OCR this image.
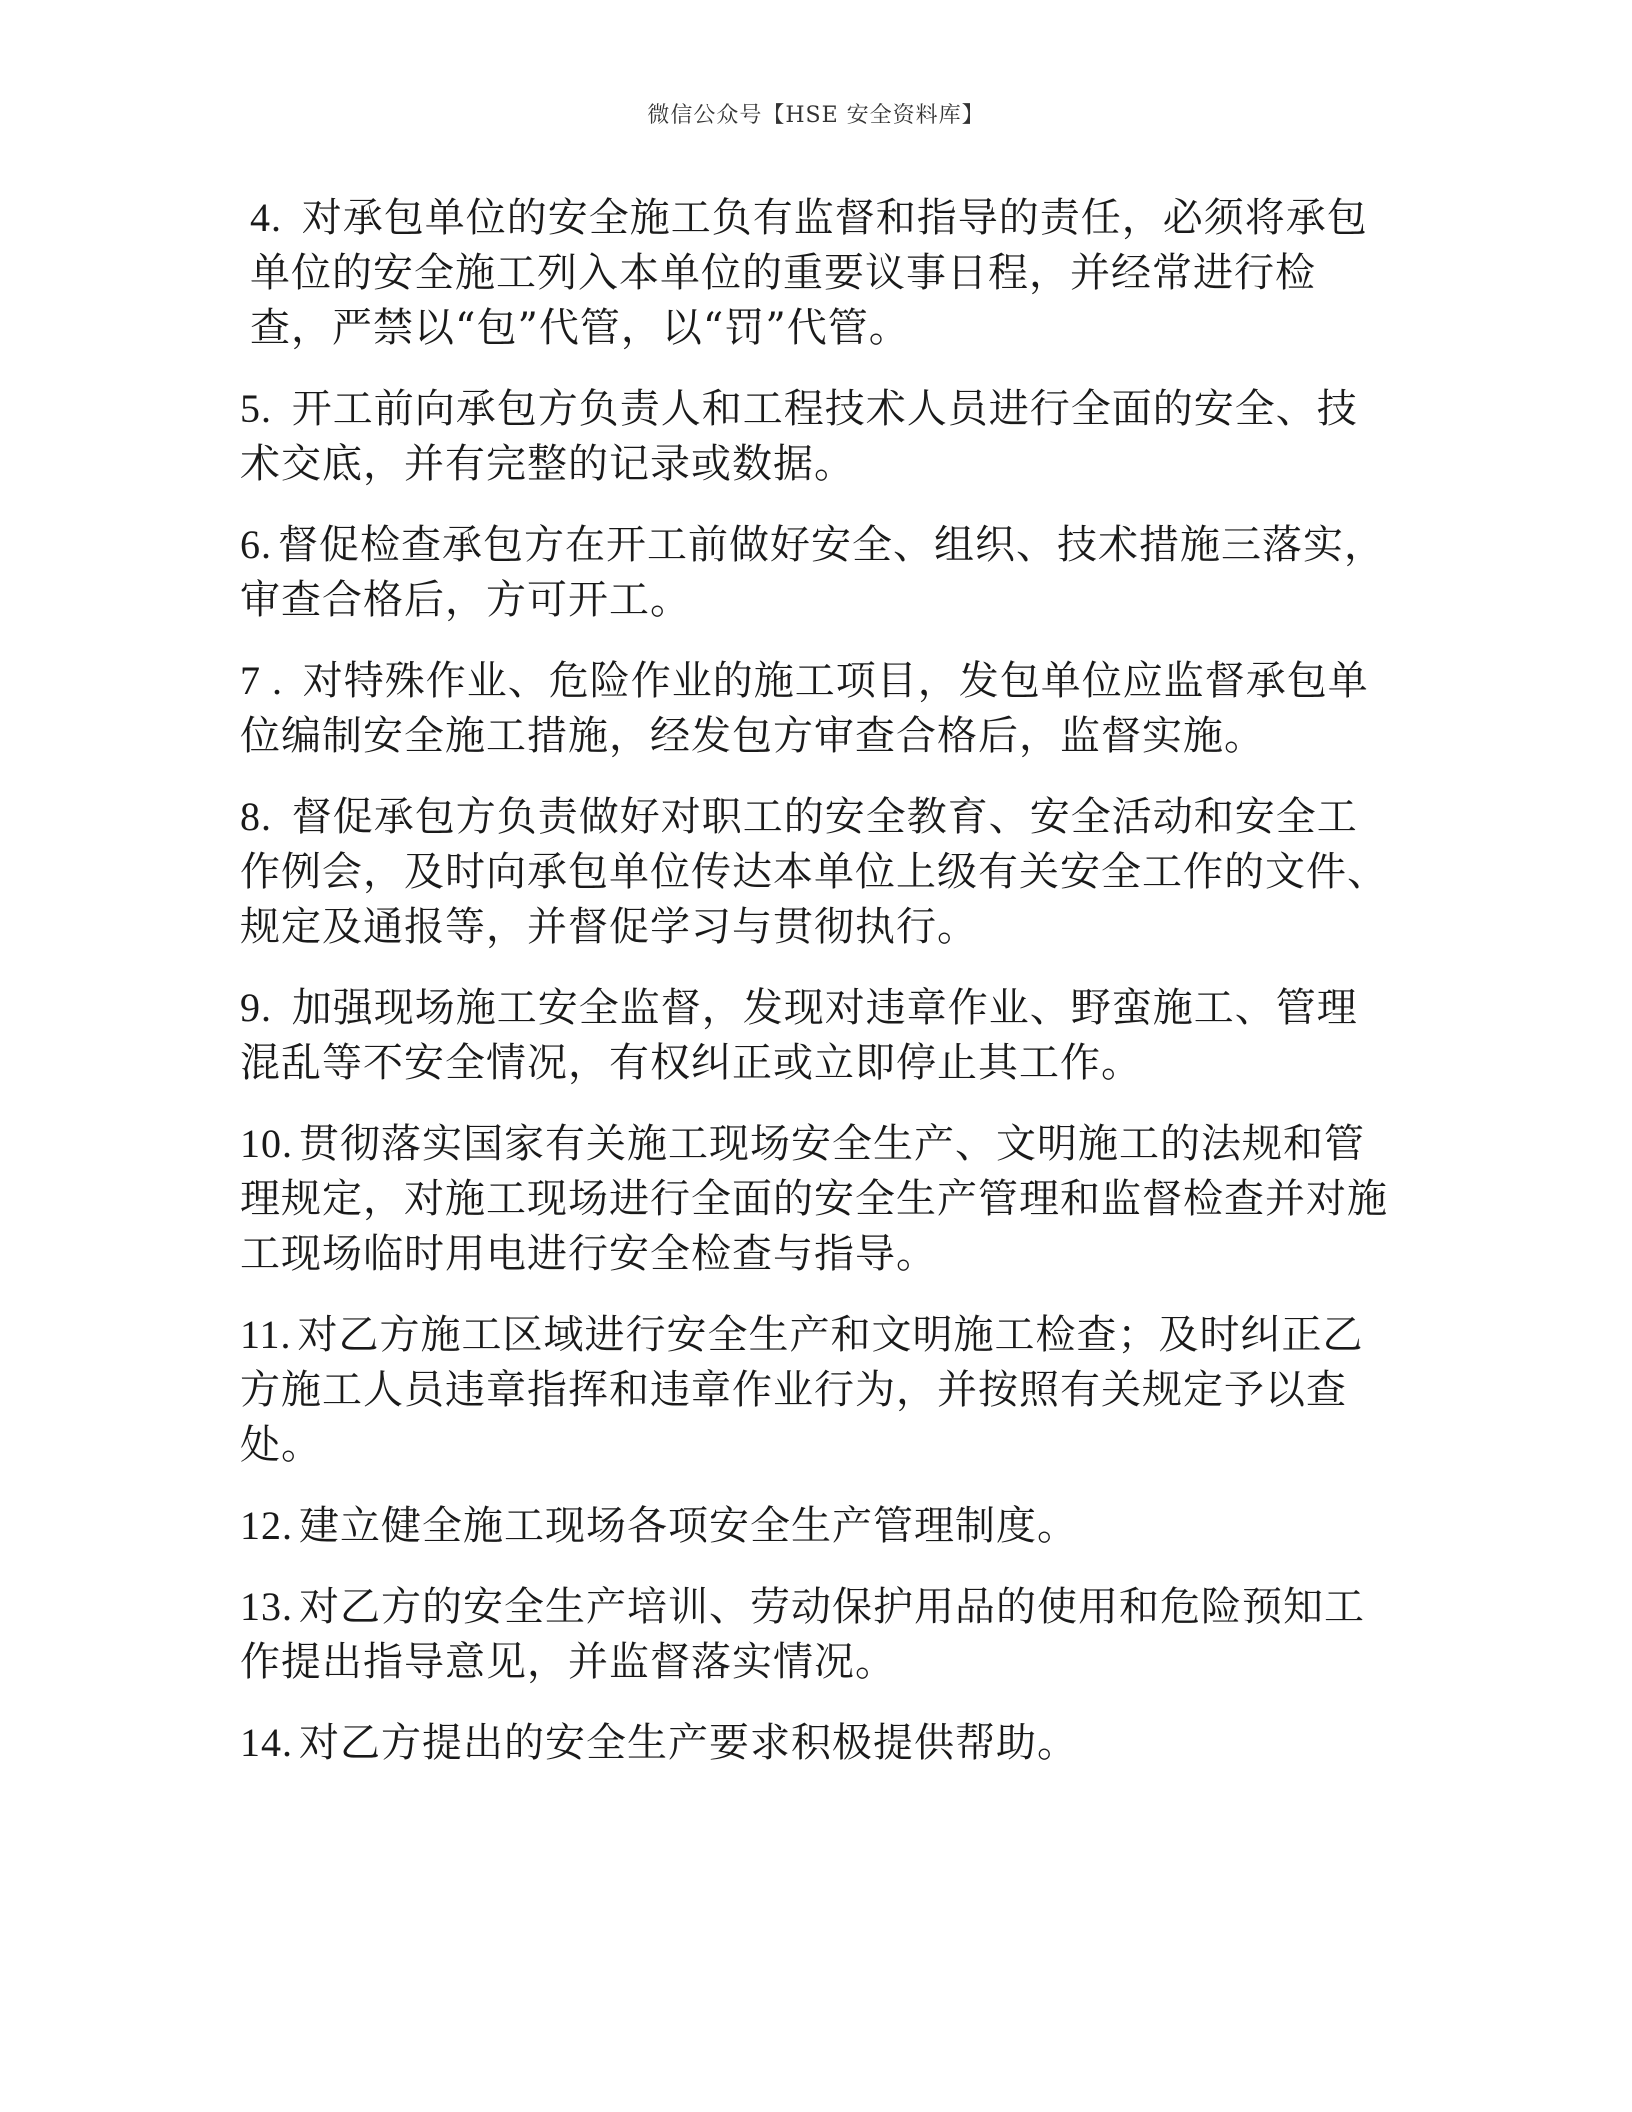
微信公众号【HSE 安全资料库】

4. 对承包单位的安全施工负有监督和指导的责任，必须将承包单位的安全施工列入本单位的重要议事日程，并经常进行检查，严禁以“包”代管，以“罚”代管。

5. 开工前向承包方负责人和工程技术人员进行全面的安全、技术交底，并有完整的记录或数据。

6. 督促检查承包方在开工前做好安全、组织、技术措施三落实，审查合格后，方可开工。

7 . 对特殊作业、危险作业的施工项目，发包单位应监督承包单位编制安全施工措施，经发包方审查合格后，监督实施。

8. 督促承包方负责做好对职工的安全教育、安全活动和安全工作例会，及时向承包单位传达本单位上级有关安全工作的文件、规定及通报等，并督促学习与贯彻执行。

9. 加强现场施工安全监督，发现对违章作业、野蛮施工、管理混乱等不安全情况，有权纠正或立即停止其工作。

10. 贯彻落实国家有关施工现场安全生产、文明施工的法规和管理规定，对施工现场进行全面的安全生产管理和监督检查并对施工现场临时用电进行安全检查与指导。

11. 对乙方施工区域进行安全生产和文明施工检查；及时纠正乙方施工人员违章指挥和违章作业行为，并按照有关规定予以查处。

12. 建立健全施工现场各项安全生产管理制度。

13. 对乙方的安全生产培训、劳动保护用品的使用和危险预知工作提出指导意见，并监督落实情况。

14. 对乙方提出的安全生产要求积极提供帮助。
